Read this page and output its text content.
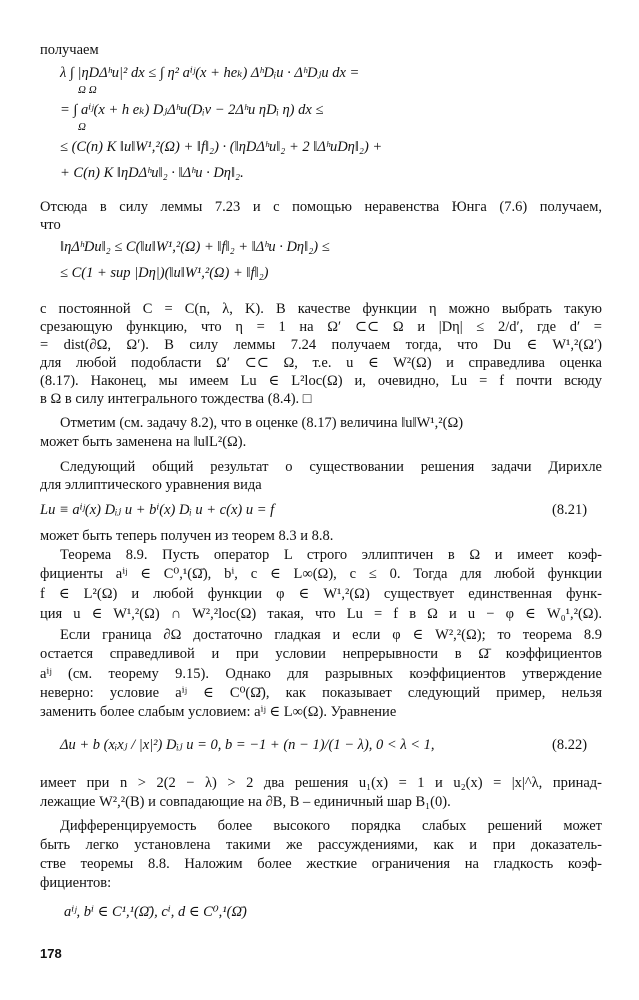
получаем
λ ∫ |ηDΔʰu|² dx ≤ ∫ η² aⁱʲ(x + heₖ) ΔʰDᵢu · ΔʰDⱼu dx =
Ω Ω
= ∫ aⁱʲ(x + h eₖ) DⱼΔʰu(Dᵢv − 2Δʰu ηDᵢ η) dx ≤
Ω
≤ (C(n) K ‖u‖W¹,²(Ω) + ‖f‖₂) · (‖ηDΔʰu‖₂ + 2 ‖ΔʰuDη‖₂) +
+ C(n) K ‖ηDΔʰu‖₂ · ‖Δʰu · Dη‖₂.
Отсюда в силу леммы 7.23 и с помощью неравенства Юнга (7.6) получаем,
что
‖ηΔʰDu‖₂ ≤ C(‖u‖W¹,²(Ω) + ‖f‖₂ + ‖Δʰu · Dη‖₂) ≤
≤ C(1 + sup |Dη|)(‖u‖W¹,²(Ω) + ‖f‖₂)
с постоянной C = C(n, λ, K). В качестве функции η можно выбрать такую
срезающую функцию, что η = 1 на Ω′ ⊂⊂ Ω и |Dη| ≤ 2/d′, где d′ =
= dist(∂Ω, Ω′). В силу леммы 7.24 получаем тогда, что Du ∈ W¹,²(Ω′)
для любой подобласти Ω′ ⊂⊂ Ω, т.е. u ∈ W²(Ω) и справедлива оценка
(8.17). Наконец, мы имеем Lu ∈ L²loc(Ω) и, очевидно, Lu = f почти всюду
в Ω в силу интегрального тождества (8.4). □
Отметим (см. задачу 8.2), что в оценке (8.17) величина ‖u‖W¹,²(Ω)
может быть заменена на ‖u‖L²(Ω).
Следующий общий результат о существовании решения задачи Дирихле
для эллиптического уравнения вида
Lu ≡ aⁱʲ(x) Dᵢⱼ u + bⁱ(x) Dᵢ u + c(x) u = f	(8.21)
может быть теперь получен из теорем 8.3 и 8.8.
Теорема 8.9. Пусть оператор L строго эллиптичен в Ω и имеет коэф-
фициенты aⁱʲ ∈ C⁰,¹(Ω̄), bⁱ, c ∈ L∞(Ω), c ≤ 0. Тогда для любой функции
f ∈ L²(Ω) и любой функции φ ∈ W¹,²(Ω) существует единственная функ-
ция u ∈ W¹,²(Ω) ∩ W²,²loc(Ω) такая, что Lu = f в Ω и u − φ ∈ W₀¹,²(Ω).
Если граница ∂Ω достаточно гладкая и если φ ∈ W²,²(Ω); то теорема 8.9
остается справедливой и при условии непрерывности в Ω̄ коэффициентов
aⁱʲ (см. теорему 9.15). Однако для разрывных коэффициентов утверждение
неверно: условие aⁱʲ ∈ C⁰(Ω̄), как показывает следующий пример, нельзя
заменить более слабым условием: aⁱʲ ∈ L∞(Ω). Уравнение
Δu + b (xᵢxⱼ / |x|²) Dᵢⱼ u = 0, b = −1 + (n − 1)/(1 − λ), 0 < λ < 1,	(8.22)
имеет при n > 2(2 − λ) > 2 два решения u₁(x) = 1 и u₂(x) = |x|^λ, принад-
лежащие W²,²(B) и совпадающие на ∂B, B – единичный шар B₁(0).
Дифференцируемость более высокого порядка слабых решений может
быть легко установлена такими же рассуждениями, как и при доказатель-
стве теоремы 8.8. Наложим более жесткие ограничения на гладкость коэф-
фициентов:
aⁱʲ, bⁱ ∈ C¹,¹(Ω̄), cⁱ, d ∈ C⁰,¹(Ω̄)
178
